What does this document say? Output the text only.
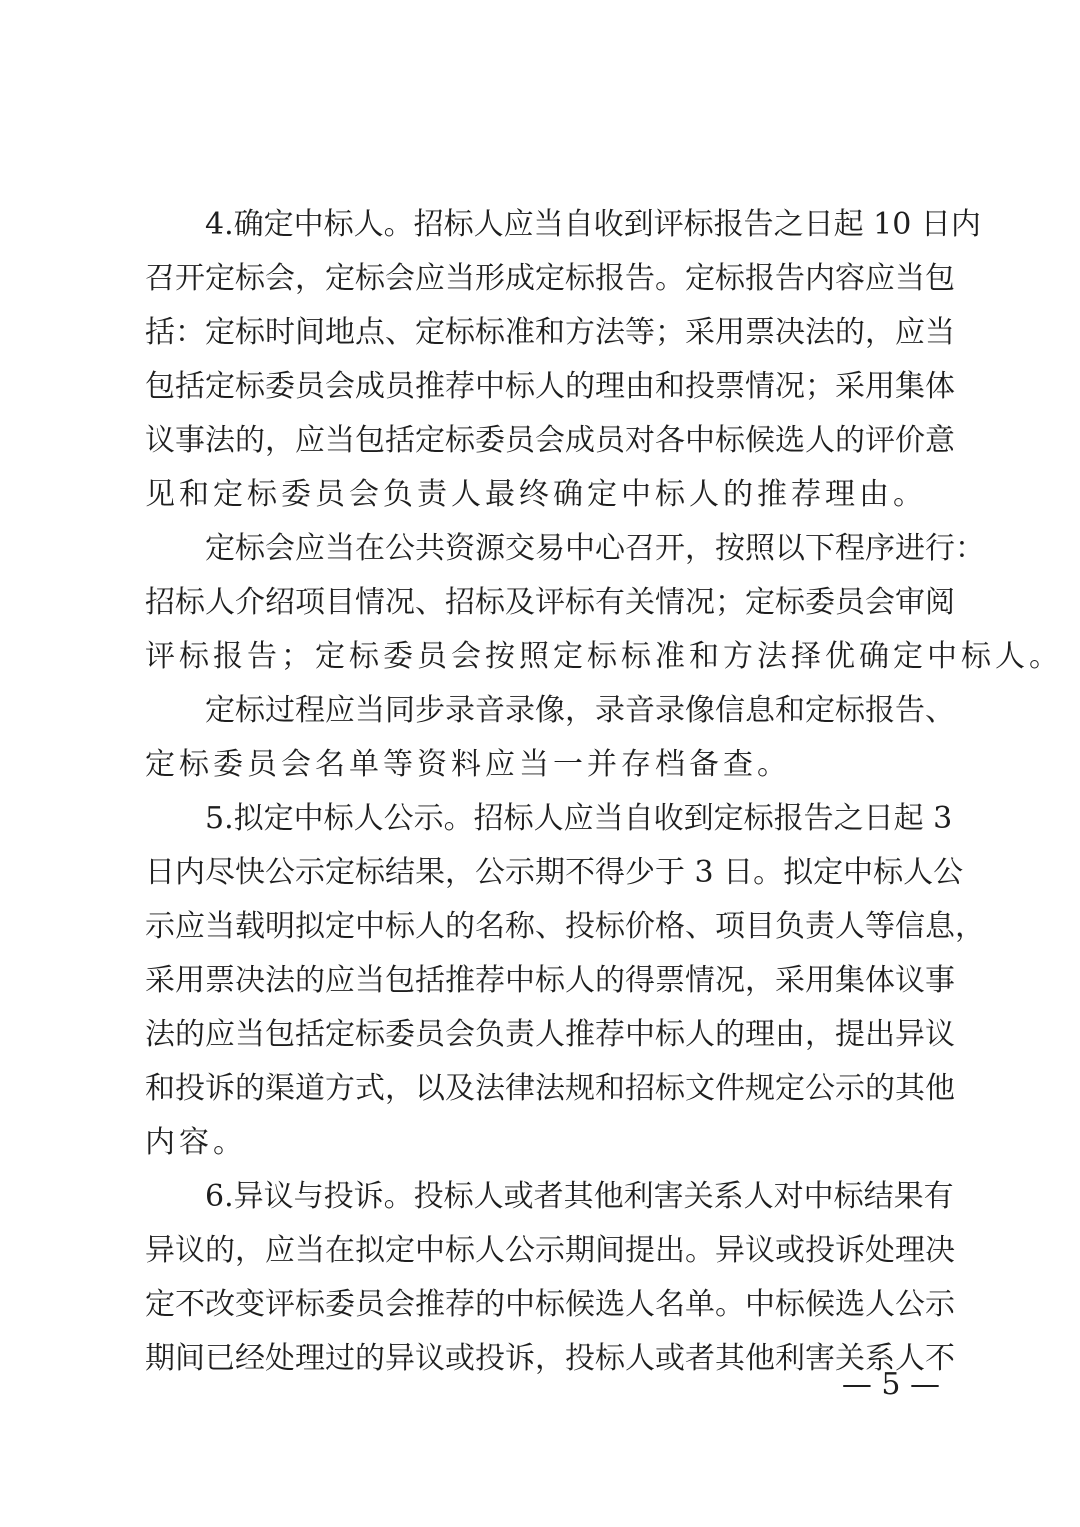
4.确定中标人。招标人应当自收到评标报告之日起 10 日内
召开定标会，定标会应当形成定标报告。定标报告内容应当包
括：定标时间地点、定标标准和方法等；采用票决法的，应当
包括定标委员会成员推荐中标人的理由和投票情况；采用集体
议事法的，应当包括定标委员会成员对各中标候选人的评价意
见和定标委员会负责人最终确定中标人的推荐理由。
定标会应当在公共资源交易中心召开，按照以下程序进行：
招标人介绍项目情况、招标及评标有关情况；定标委员会审阅
评标报告；定标委员会按照定标标准和方法择优确定中标人。
定标过程应当同步录音录像，录音录像信息和定标报告、
定标委员会名单等资料应当一并存档备查。
5.拟定中标人公示。招标人应当自收到定标报告之日起 3
日内尽快公示定标结果，公示期不得少于 3 日。拟定中标人公
示应当载明拟定中标人的名称、投标价格、项目负责人等信息，
采用票决法的应当包括推荐中标人的得票情况，采用集体议事
法的应当包括定标委员会负责人推荐中标人的理由，提出异议
和投诉的渠道方式，以及法律法规和招标文件规定公示的其他
内容。
6.异议与投诉。投标人或者其他利害关系人对中标结果有
异议的，应当在拟定中标人公示期间提出。异议或投诉处理决
定不改变评标委员会推荐的中标候选人名单。中标候选人公示
期间已经处理过的异议或投诉，投标人或者其他利害关系人不
— 5 —
